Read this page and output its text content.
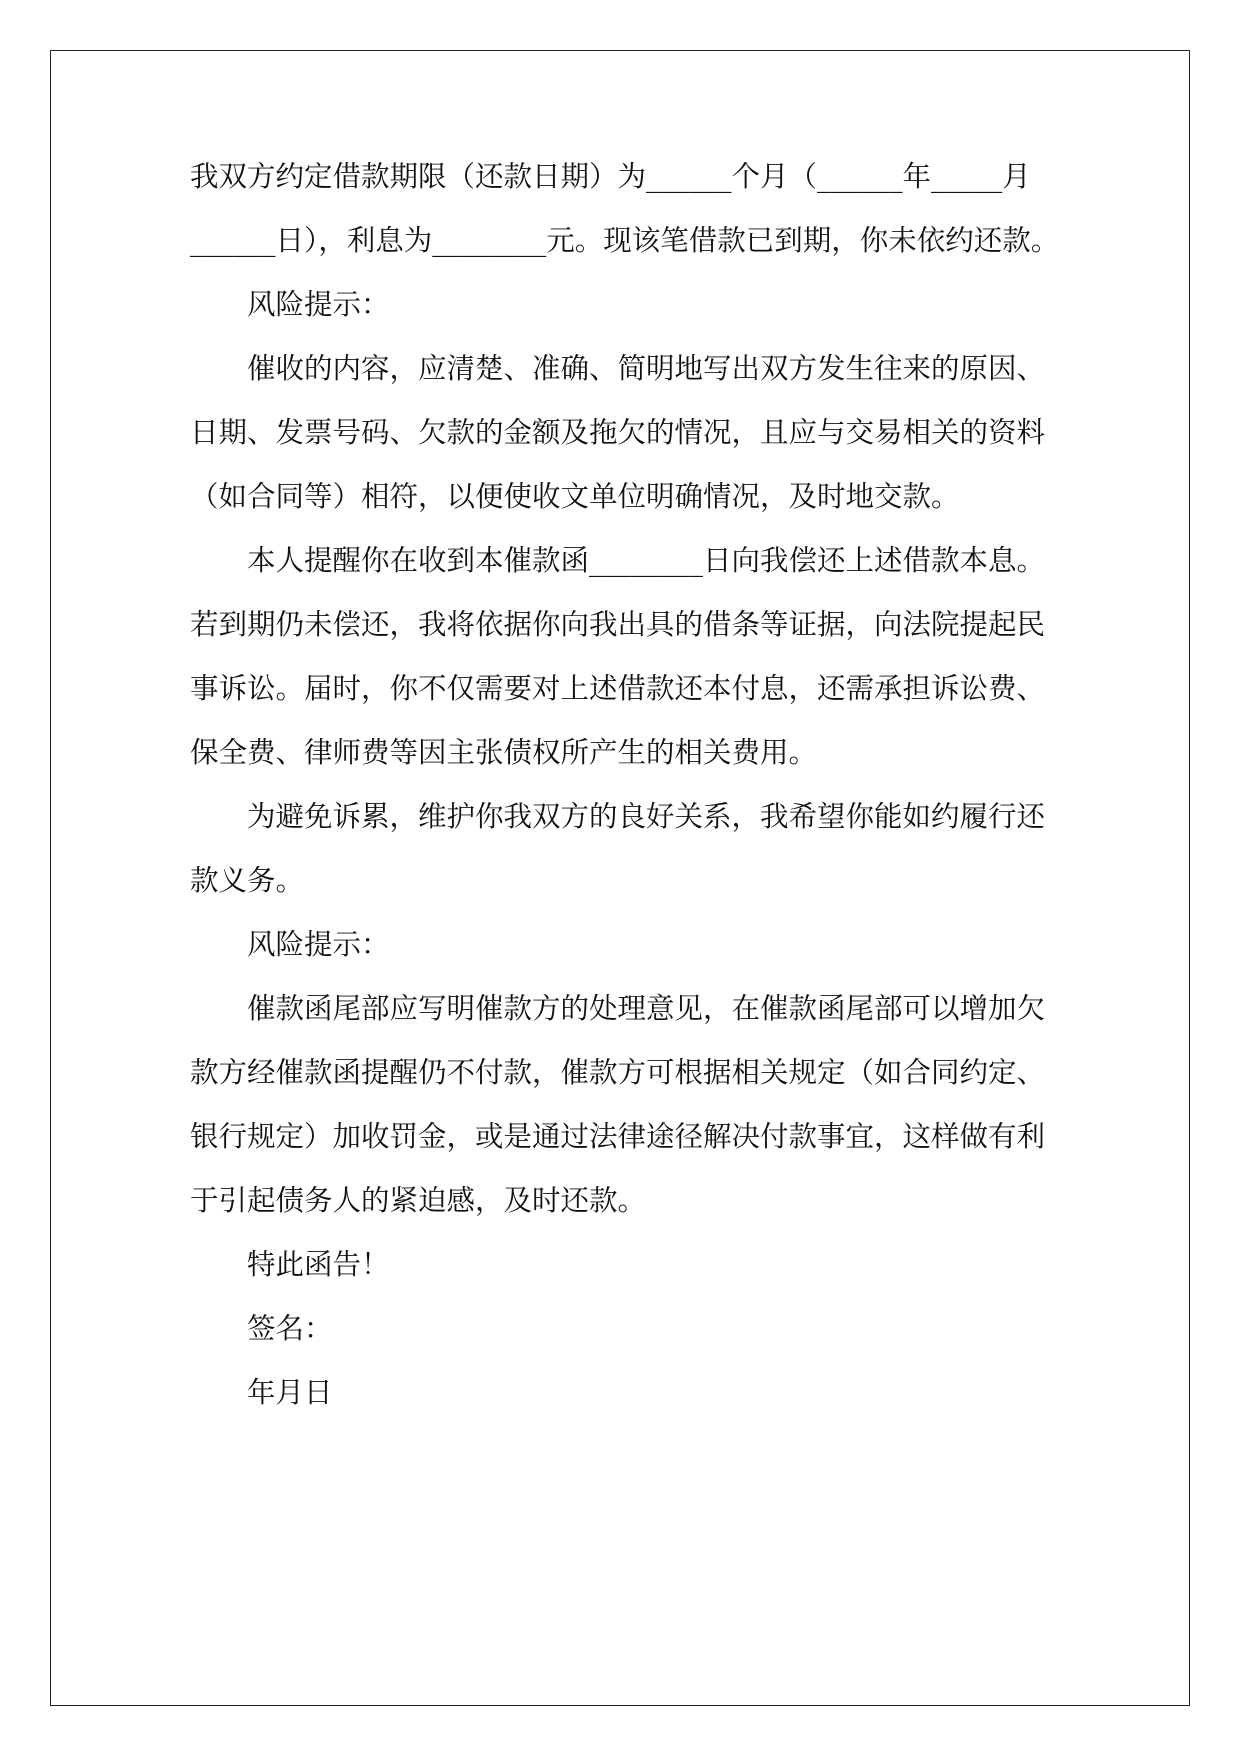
我双方约定借款期限（还款日期）为______个月（______年_____月
______日），利息为________元。现该笔借款已到期，你未依约还款。
风险提示：
催收的内容，应清楚、准确、简明地写出双方发生往来的原因、
日期、发票号码、欠款的金额及拖欠的情况，且应与交易相关的资料
（如合同等）相符，以便使收文单位明确情况，及时地交款。
本人提醒你在收到本催款函________日向我偿还上述借款本息。
若到期仍未偿还，我将依据你向我出具的借条等证据，向法院提起民
事诉讼。届时，你不仅需要对上述借款还本付息，还需承担诉讼费、
保全费、律师费等因主张债权所产生的相关费用。
为避免诉累，维护你我双方的良好关系，我希望你能如约履行还
款义务。
风险提示：
催款函尾部应写明催款方的处理意见，在催款函尾部可以增加欠
款方经催款函提醒仍不付款，催款方可根据相关规定（如合同约定、
银行规定）加收罚金，或是通过法律途径解决付款事宜，这样做有利
于引起债务人的紧迫感，及时还款。
特此函告！
签名：
年月日
